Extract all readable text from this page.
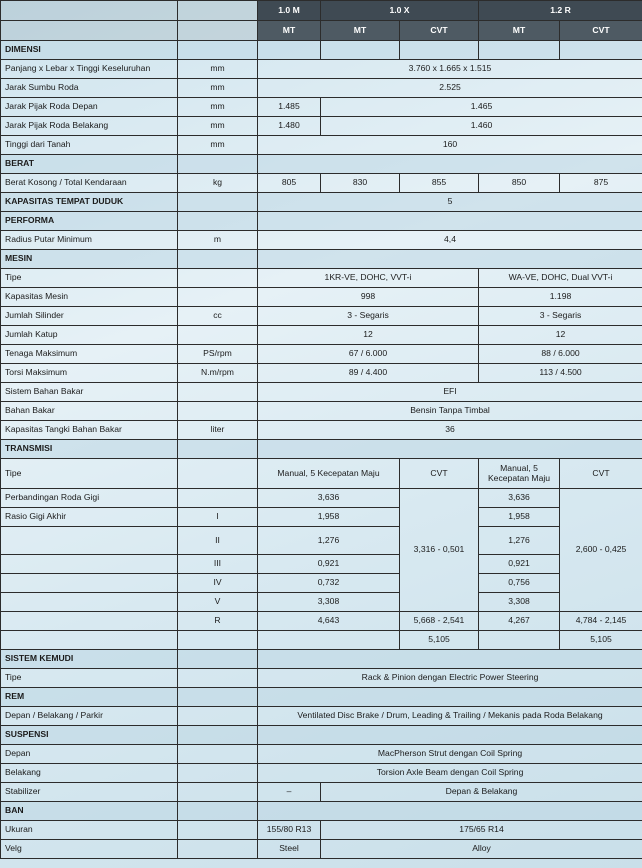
		1.0 M	1.0 X		1.2 R	
		MT	MT	CVT	MT	CVT
DIMENSI						
Panjang x Lebar x Tinggi Keseluruhan	mm	3.760 x 1.665 x 1.515				
Jarak Sumbu Roda	mm	2.525				
Jarak Pijak Roda Depan	mm	1.485	1.465			
Jarak Pijak Roda Belakang	mm	1.480	1.460			
Tinggi dari Tanah	mm	160				
BERAT						
Berat Kosong / Total Kendaraan	kg	805	830	855	850	875
KAPASITAS TEMPAT DUDUK		5				
PERFORMA						
Radius Putar Minimum	m	4,4				
MESIN						
Tipe		1KR-VE, DOHC, VVT-i			WA-VE, DOHC, Dual VVT-i	
Kapasitas Mesin		998			1.198	
Jumlah Silinder	cc	3 - Segaris			3 - Segaris	
Jumlah Katup		12			12	
Tenaga Maksimum	PS/rpm	67 / 6.000			88 / 6.000	
Torsi Maksimum	N.m/rpm	89 / 4.400			113 / 4.500	
Sistem Bahan Bakar		EFI				
Bahan Bakar		Bensin Tanpa Timbal				
Kapasitas Tangki Bahan Bakar	liter	36				
TRANSMISI						
Tipe		Manual, 5 Kecepatan Maju		CVT	Manual, 5 Kecepatan Maju	CVT
Perbandingan Roda Gigi		3,636		3,316 - 0,501	3,636	2,600 - 0,425
Rasio Gigi Akhir	I	1,958			1,958	
	II	1,276			1,276	
	III	0,921			0,921	
	IV	0,732			0,756	
	V	3,308			3,308	
	R	4,643		5,668 - 2,541	4,267	4,784 - 2,145
				5,105		5,105
SISTEM KEMUDI						
Tipe		Rack & Pinion dengan Electric Power Steering				
REM						
Depan / Belakang / Parkir		Ventilated Disc Brake / Drum, Leading & Trailing / Mekanis pada Roda Belakang				
SUSPENSI						
Depan		MacPherson Strut dengan Coil Spring				
Belakang		Torsion Axle Beam dengan Coil Spring				
Stabilizer		–	Depan & Belakang			
BAN						
Ukuran		155/80 R13	175/65 R14			
Velg		Steel	Alloy			
